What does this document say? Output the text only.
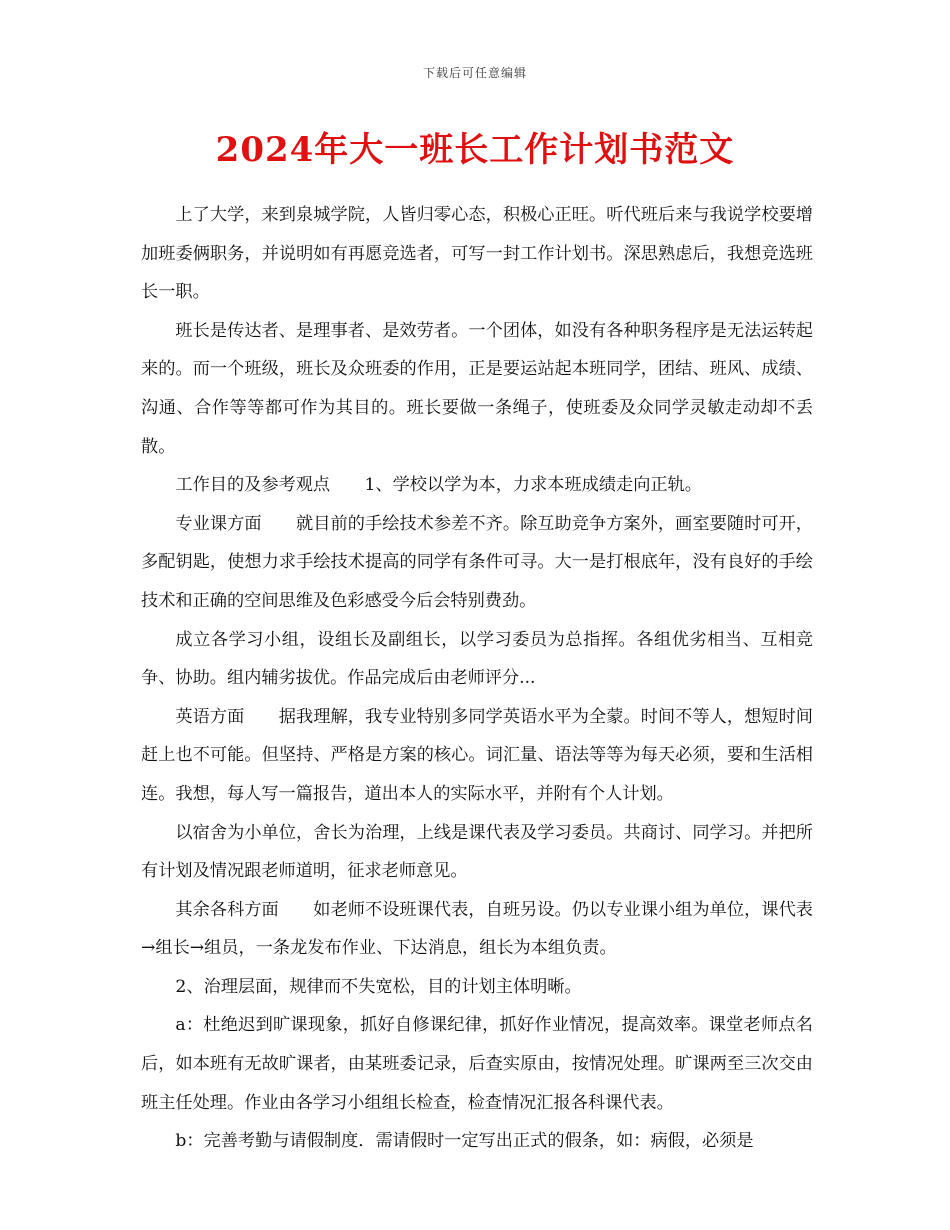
下载后可任意编辑
2024年大一班长工作计划书范文

上了大学，来到泉城学院，人皆归零心态，积极心正旺。听代班后来与我说学校要增加班委俩职务，并说明如有再愿竞选者，可写一封工作计划书。深思熟虑后，我想竞选班长一职。

班长是传达者、是理事者、是效劳者。一个团体，如没有各种职务程序是无法运转起来的。而一个班级，班长及众班委的作用，正是要运站起本班同学，团结、班风、成绩、沟通、合作等等都可作为其目的。班长要做一条绳子，使班委及众同学灵敏走动却不丢散。

工作目的及参考观点　　1、学校以学为本，力求本班成绩走向正轨。

专业课方面　　就目前的手绘技术参差不齐。除互助竞争方案外，画室要随时可开，多配钥匙，使想力求手绘技术提高的同学有条件可寻。大一是打根底年，没有良好的手绘技术和正确的空间思维及色彩感受今后会特别费劲。

成立各学习小组，设组长及副组长，以学习委员为总指挥。各组优劣相当、互相竞争、协助。组内辅劣拔优。作品完成后由老师评分...

英语方面　　据我理解，我专业特别多同学英语水平为全蒙。时间不等人，想短时间赶上也不可能。但坚持、严格是方案的核心。词汇量、语法等等为每天必须，要和生活相连。我想，每人写一篇报告，道出本人的实际水平，并附有个人计划。

以宿舍为小单位，舍长为治理，上线是课代表及学习委员。共商讨、同学习。并把所有计划及情况跟老师道明，征求老师意见。

其余各科方面　　如老师不设班课代表，自班另设。仍以专业课小组为单位，课代表→组长→组员，一条龙发布作业、下达消息，组长为本组负责。

2、治理层面，规律而不失宽松，目的计划主体明晰。

a：杜绝迟到旷课现象，抓好自修课纪律，抓好作业情况，提高效率。课堂老师点名后，如本班有无故旷课者，由某班委记录，后查实原由，按情况处理。旷课两至三次交由班主任处理。作业由各学习小组组长检查，检查情况汇报各科课代表。

b：完善考勤与请假制度．需请假时一定写出正式的假条，如：病假，必须是
